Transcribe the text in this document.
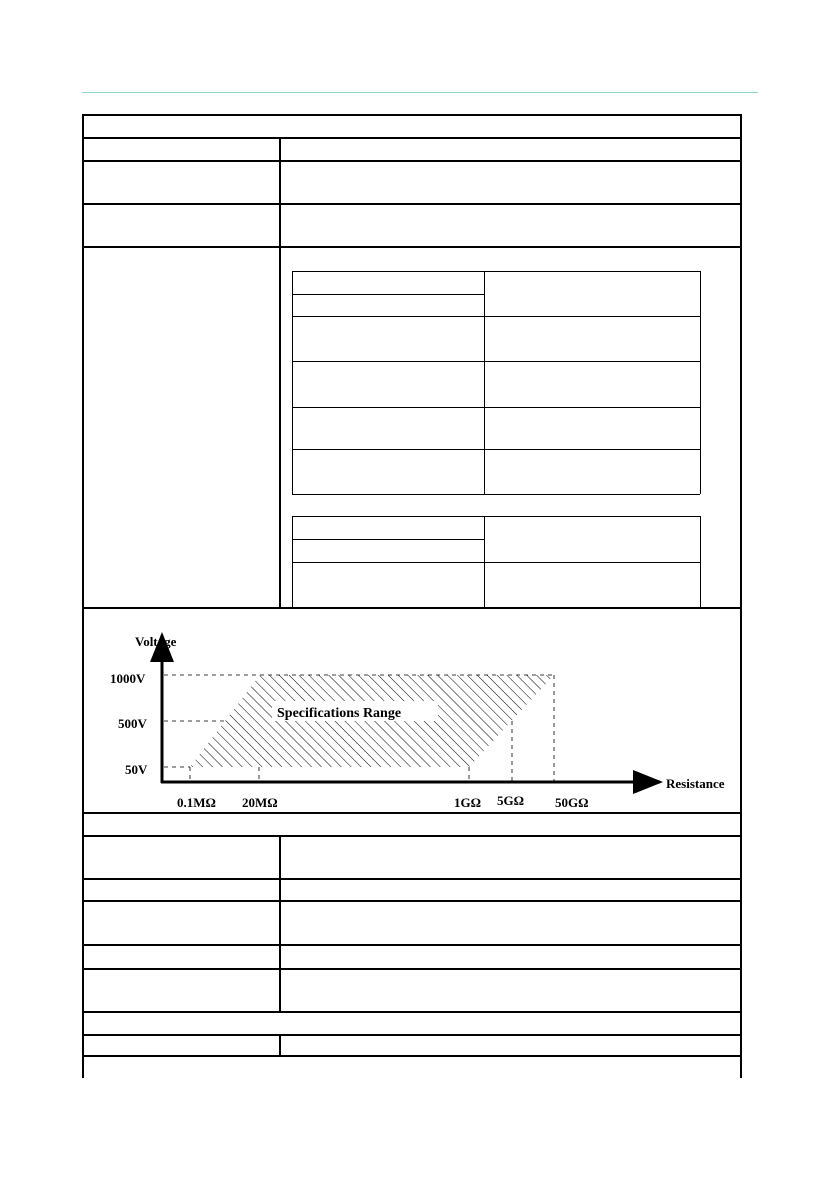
Specifications Range
Voltage
Resistance
1000V
500V
50V
0.1MΩ 20MΩ	1GΩ 5GΩ 50GΩ
